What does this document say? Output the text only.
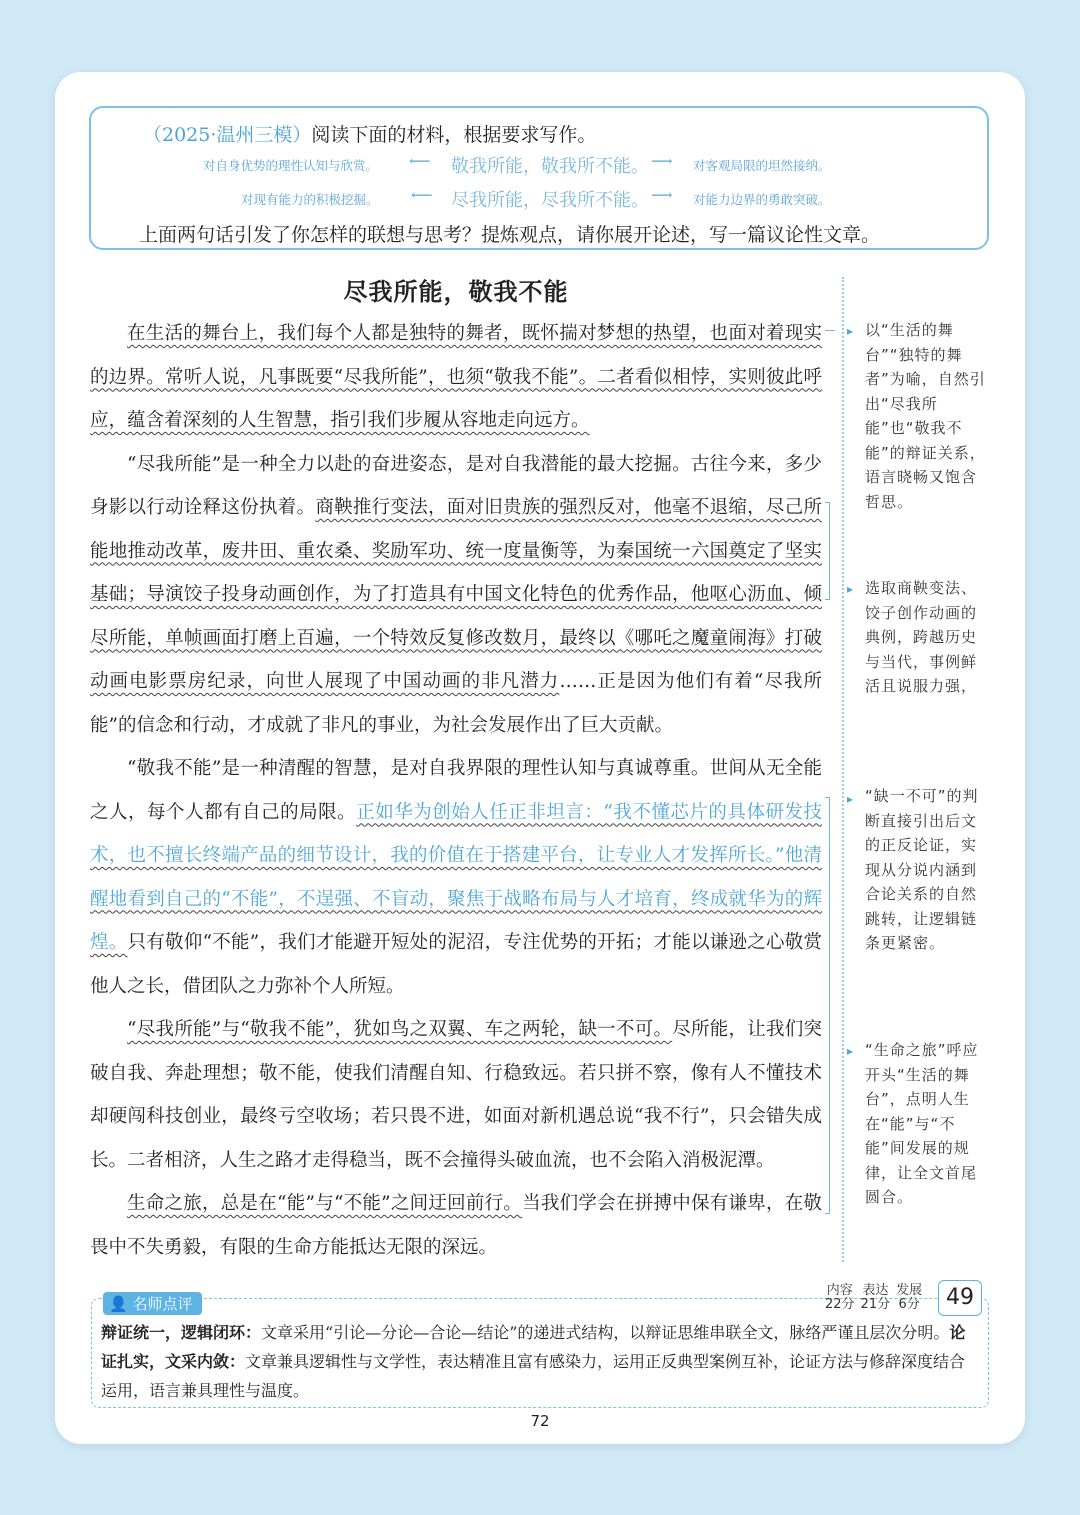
（2025·温州三模）阅读下面的材料，根据要求写作。
对自身优势的理性认知与欣赏。 ⟵ 敬我所能，敬我所不能。 ⟶ 对客观局限的坦然接纳。
对现有能力的积极挖掘。 ⟵ 尽我所能，尽我所不能。 ⟶ 对能力边界的勇敢突破。
上面两句话引发了你怎样的联想与思考？提炼观点，请你展开论述，写一篇议论性文章。
尽我所能，敬我不能

在生活的舞台上，我们每个人都是独特的舞者，既怀揣对梦想的热望，也面对着现实的边界。常听人说，凡事既要“尽我所能”，也须“敬我不能”。二者看似相悖，实则彼此呼应，蕴含着深刻的人生智慧，指引我们步履从容地走向远方。

“尽我所能”是一种全力以赴的奋进姿态，是对自我潜能的最大挖掘。古往今来，多少身影以行动诠释这份执着。商鞅推行变法，面对旧贵族的强烈反对，他毫不退缩，尽己所能地推动改革，废井田、重农桑、奖励军功、统一度量衡等，为秦国统一六国奠定了坚实基础；导演饺子投身动画创作，为了打造具有中国文化特色的优秀作品，他呕心沥血、倾尽所能，单帧画面打磨上百遍，一个特效反复修改数月，最终以《哪吒之魔童闹海》打破动画电影票房纪录，向世人展现了中国动画的非凡潜力……正是因为他们有着“尽我所能”的信念和行动，才成就了非凡的事业，为社会发展作出了巨大贡献。

“敬我不能”是一种清醒的智慧，是对自我界限的理性认知与真诚尊重。世间从无全能之人，每个人都有自己的局限。正如华为创始人任正非坦言：“我不懂芯片的具体研发技术，也不擅长终端产品的细节设计，我的价值在于搭建平台，让专业人才发挥所长。”他清醒地看到自己的“不能”，不逞强、不盲动，聚焦于战略布局与人才培育，终成就华为的辉煌。只有敬仰“不能”，我们才能避开短处的泥沼，专注优势的开拓；才能以谦逊之心敬赏他人之长，借团队之力弥补个人所短。

“尽我所能”与“敬我不能”，犹如鸟之双翼、车之两轮，缺一不可。尽所能，让我们突破自我、奔赴理想；敬不能，使我们清醒自知、行稳致远。若只拼不察，像有人不懂技术却硬闯科技创业，最终亏空收场；若只畏不进，如面对新机遇总说“我不行”，只会错失成长。二者相济，人生之路才走得稳当，既不会撞得头破血流，也不会陷入消极泥潭。

生命之旅，总是在“能”与“不能”之间迂回前行。当我们学会在拼搏中保有谦卑，在敬畏中不失勇毅，有限的生命方能抵达无限的深远。

▸ 以“生活的舞台”“独特的舞者”为喻，自然引出“尽我所能”也“敬我不能”的辩证关系，语言晓畅又饱含哲思。
▸ 选取商鞅变法、饺子创作动画的典例，跨越历史与当代，事例鲜活且说服力强，
▸ “缺一不可”的判断直接引出后文的正反论证，实现从分说内涵到合论关系的自然跳转，让逻辑链条更紧密。
▸ “生命之旅”呼应开头“生活的舞台”，点明人生在“能”与“不能”间发展的规律，让全文首尾圆合。
👤 名师点评
内容
22分
表达
21分
发展
6分	49
辩证统一，逻辑闭环：文章采用“引论—分论—合论—结论”的递进式结构，以辩证思维串联全文，脉络严谨且层次分明。论证扎实，文采内敛：文章兼具逻辑性与文学性，表达精准且富有感染力，运用正反典型案例互补，论证方法与修辞深度结合运用，语言兼具理性与温度。
72
